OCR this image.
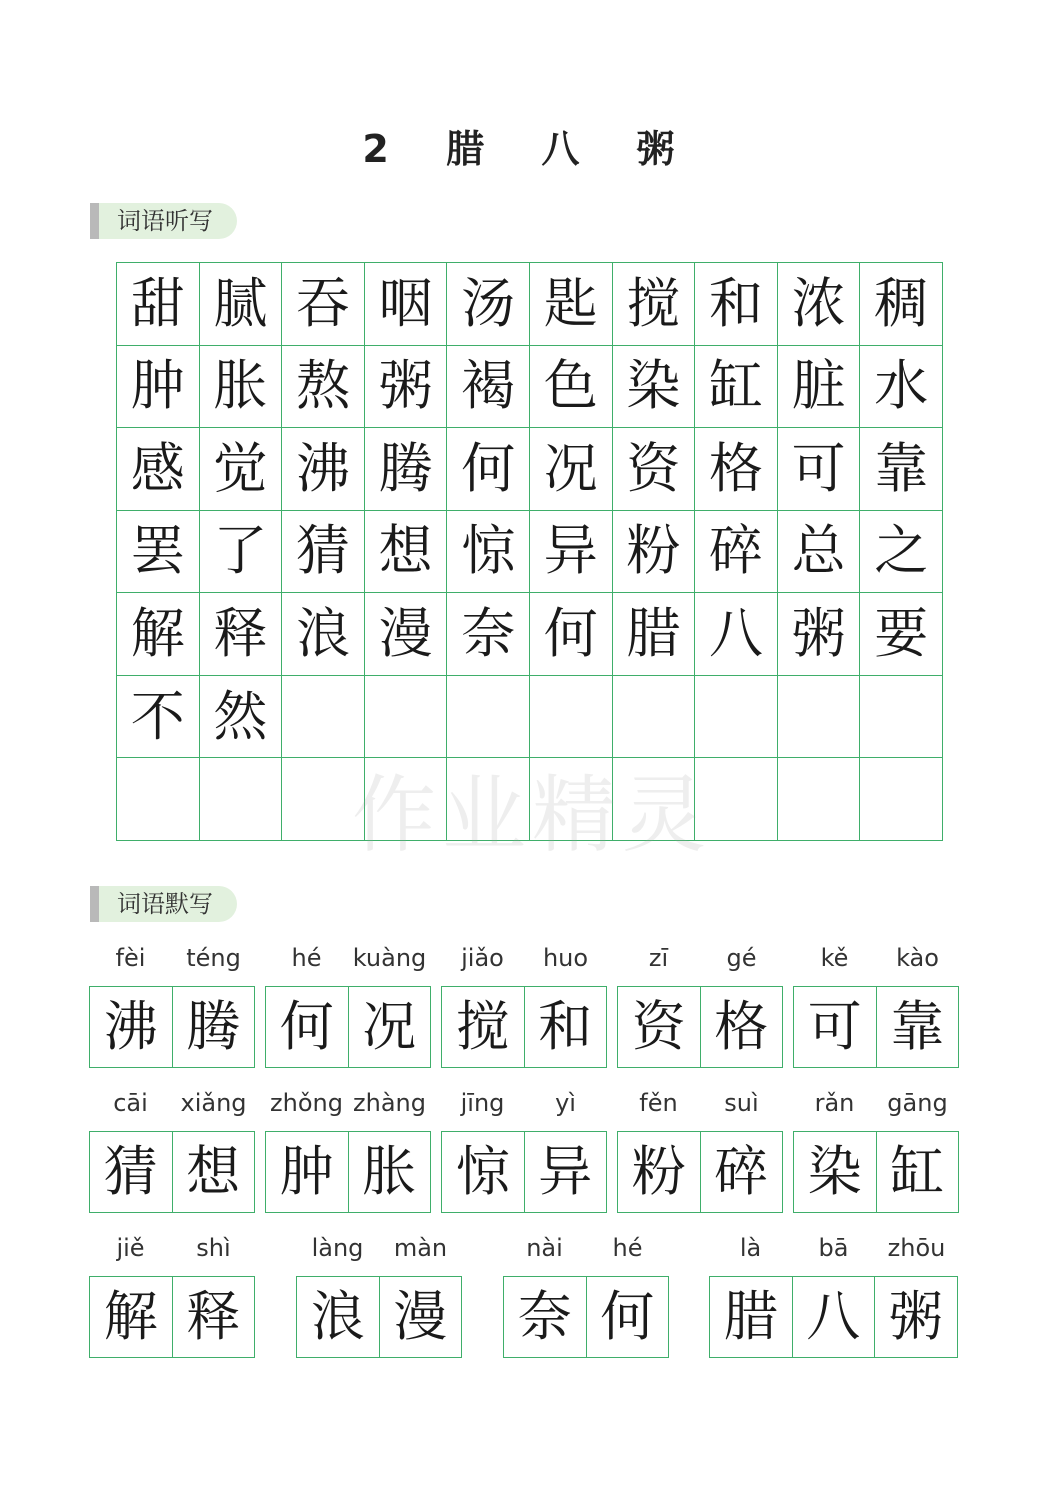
2 腊 八 粥
词语听写
甜 腻 吞 咽 汤 匙 搅 和 浓 稠
肿 胀 熬 粥 褐 色 染 缸 脏 水
感 觉 沸 腾 何 况 资 格 可 靠
罢 了 猜 想 惊 异 粉 碎 总 之
解 释 浪 漫 奈 何 腊 八 粥 要
不 然
作业精灵
词语默写
fèi	téng
沸 腾
hé	kuàng
何 况
jiǎo	huo
搅 和
zī	gé
资 格
kě	kào
可 靠
cāi	xiǎng
猜 想
zhǒng zhàng
肿 胀
jīng	yì
惊 异
fěn	suì
粉 碎
rǎn	gāng
染 缸
jiě	shì
解 释
làng	màn
浪 漫
nài	hé
奈 何
là	bā	zhōu
腊 八 粥
